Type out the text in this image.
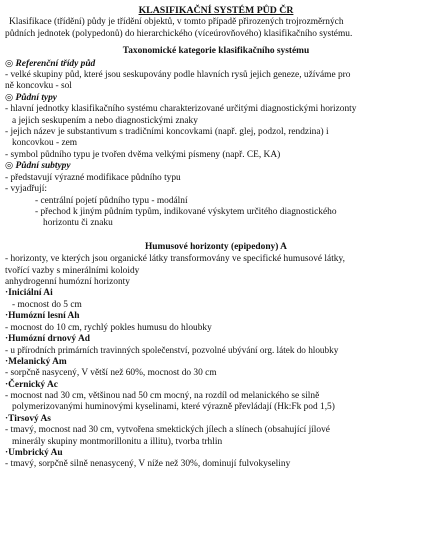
KLASIFIKAČNÍ SYSTÉM PŮD ČR
Klasifikace (třídění) půdy je třídění objektů, v tomto případě přirozených trojrozměrných
půdních jednotek (polypedonů) do hierarchického (víceúrovňového) klasifikačního systému.
Taxonomické kategorie klasifikačního systému
◎ Referenční třídy půd
- velké skupiny půd, které jsou seskupovány podle hlavních rysů jejich geneze, užíváme pro
ně koncovku - sol
◎ Půdní typy
- hlavní jednotky klasifikačního systému charakterizované určitými diagnostickými horizonty
a jejich seskupením a nebo diagnostickými znaky
- jejich název je substantivum s tradičními koncovkami (např. glej, podzol, rendzina) i
koncovkou - zem
- symbol půdního typu je tvořen dvěma velkými písmeny (např. CE, KA)
◎ Půdní subtypy
- představují výrazné modifikace půdního typu
- vyjadřují:
- centrální pojetí půdního typu - modální
- přechod k jiným půdním typům, indikované výskytem určitého diagnostického
horizontu či znaku
Humusové horizonty (epipedony) A
- horizonty, ve kterých jsou organické látky transformovány ve specifické humusové látky,
tvořící vazby s minerálními koloidy
anhydrogenní humózní horizonty
·Iniciální Ai
- mocnost do 5 cm
·Humózní lesní Ah
- mocnost do 10 cm, rychlý pokles humusu do hloubky
·Humózní drnový Ad
- u přírodních primárních travinných společenství, pozvolné ubývání org. látek do hloubky
·Melanický Am
- sorpčně nasycený, V větší než 60%, mocnost do 30 cm
·Černický Ac
- mocnost nad 30 cm, většinou nad 50 cm mocný, na rozdíl od melanického se silně
polymerizovanými huminovými kyselinami, které výrazně převládají (Hk:Fk pod 1,5)
·Tirsový As
- tmavý, mocnost nad 30 cm, vytvořena smektických jílech a slínech (obsahující jílové
minerály skupiny montmorillonitu a illitu), tvorba trhlin
·Umbrický Au
- tmavý, sorpčně silně nenasycený, V níže než 30%, dominují fulvokyseliny
